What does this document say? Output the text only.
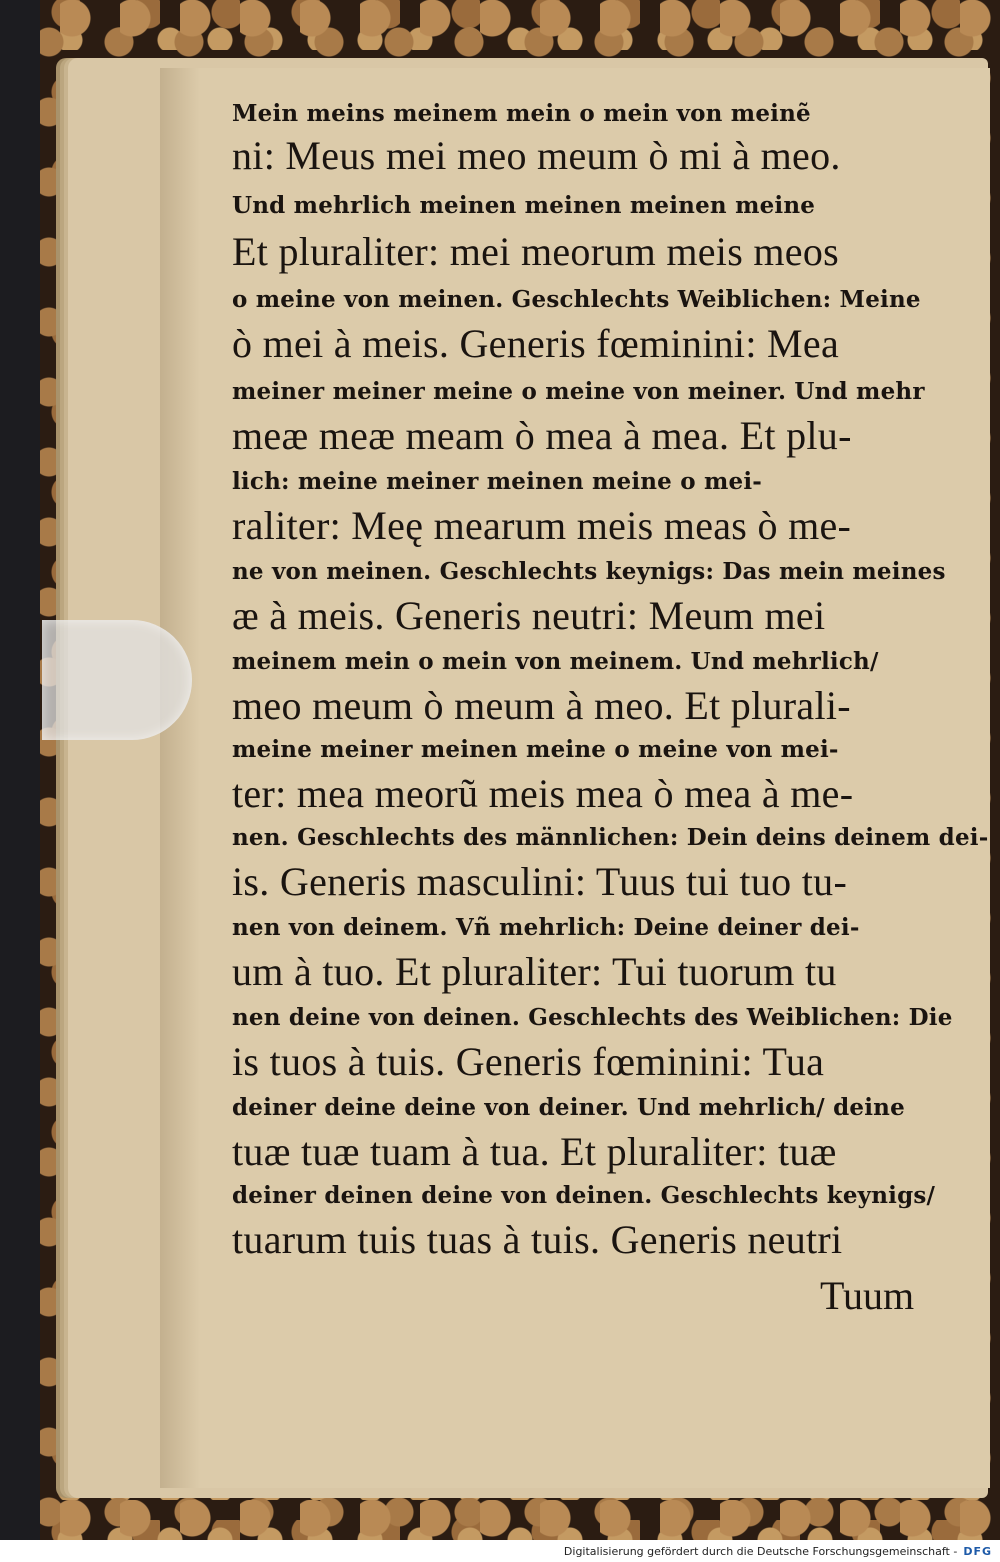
Mein meins meinem mein o mein von meinẽ
ni: Meus mei meo meum ò mi à meo.
Und mehrlich meinen meinen meinen meine
Et pluraliter: mei meorum meis meos
o meine von meinen. Geschlechts Weiblichen: Meine
ò mei à meis. Generis fœminini: Mea
meiner meiner meine o meine von meiner. Und mehr
meæ meæ meam ò mea à mea. Et plu-
lich: meine meiner meinen meine o mei-
raliter: Meę mearum meis meas ò me-
ne von meinen. Geschlechts keynigs: Das mein meines
æ à meis. Generis neutri: Meum mei
meinem mein o mein von meinem. Und mehrlich/
meo meum ò meum à meo. Et plurali-
meine meiner meinen meine o meine von mei-
ter: mea meorũ meis mea ò mea à me-
nen. Geschlechts des männlichen: Dein deins deinem dei-
is. Generis masculini: Tuus tui tuo tu-
nen von deinem. Vñ mehrlich: Deine deiner dei-
um à tuo. Et pluraliter: Tui tuorum tu
nen deine von deinen. Geschlechts des Weiblichen: Die
is tuos à tuis. Generis fœminini: Tua
deiner deine deine von deiner. Und mehrlich/ deine
tuæ tuæ tuam à tua. Et pluraliter: tuæ
deiner deinen deine von deinen. Geschlechts keynigs/
tuarum tuis tuas à tuis. Generis neutri
Tuum
Digitalisierung gefördert durch die Deutsche Forschungsgemeinschaft - DFG
